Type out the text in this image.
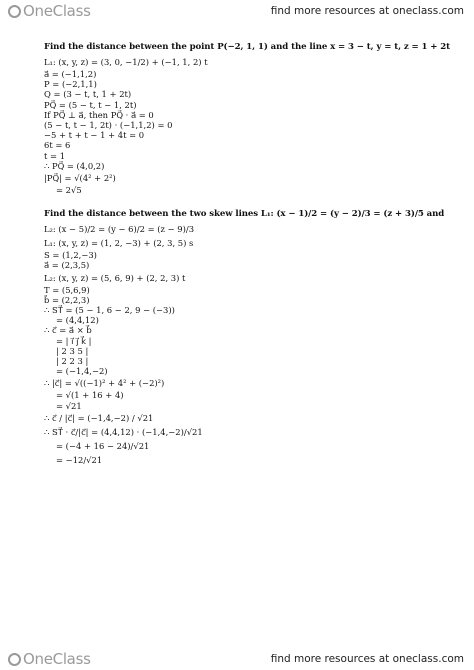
OneClass	find more resources at oneclass.com
Find the distance between the point P(−2, 1, 1) and the line x = 3 − t, y = t, z = 1 + 2t
L₁: (x, y, z) = (3, 0, −1/2) + (−1, 1, 2) t
a⃗ = (−1,1,2)
P = (−2,1,1)
Q = (3 − t, t, 1 + 2t)
PQ⃗ = (5 − t, t − 1, 2t)
If PQ⃗ ⊥ a⃗, then PQ⃗ · a⃗ = 0
(5 − t, t − 1, 2t) · (−1,1,2) = 0
−5 + t + t − 1 + 4t = 0
6t = 6
t = 1
∴ PQ⃗ = (4,0,2)
|PQ⃗| = √(4² + 2²)
= 2√5
Find the distance between the two skew lines L₁: (x − 1)/2 = (y − 2)/3 = (z + 3)/5 and
L₂: (x − 5)/2 = (y − 6)/2 = (z − 9)/3
L₁: (x, y, z) = (1, 2, −3) + (2, 3, 5) s
S = (1,2,−3)
a⃗ = (2,3,5)
L₂: (x, y, z) = (5, 6, 9) + (2, 2, 3) t
T = (5,6,9)
b⃗ = (2,2,3)
∴ ST⃗ = (5 − 1, 6 − 2, 9 − (−3))
= (4,4,12)
∴ c⃗ = a⃗ × b⃗
= | i⃗ j⃗ k⃗ |
| 2 3 5 |
| 2 2 3 |
= (−1,4,−2)
∴ |c⃗| = √((−1)² + 4² + (−2)²)
= √(1 + 16 + 4)
= √21
∴ c⃗ / |c⃗| = (−1,4,−2) / √21
∴ ST⃗ · c⃗/|c⃗| = (4,4,12) · (−1,4,−2)/√21
= (−4 + 16 − 24)/√21
= −12/√21
OneClass	find more resources at oneclass.com
